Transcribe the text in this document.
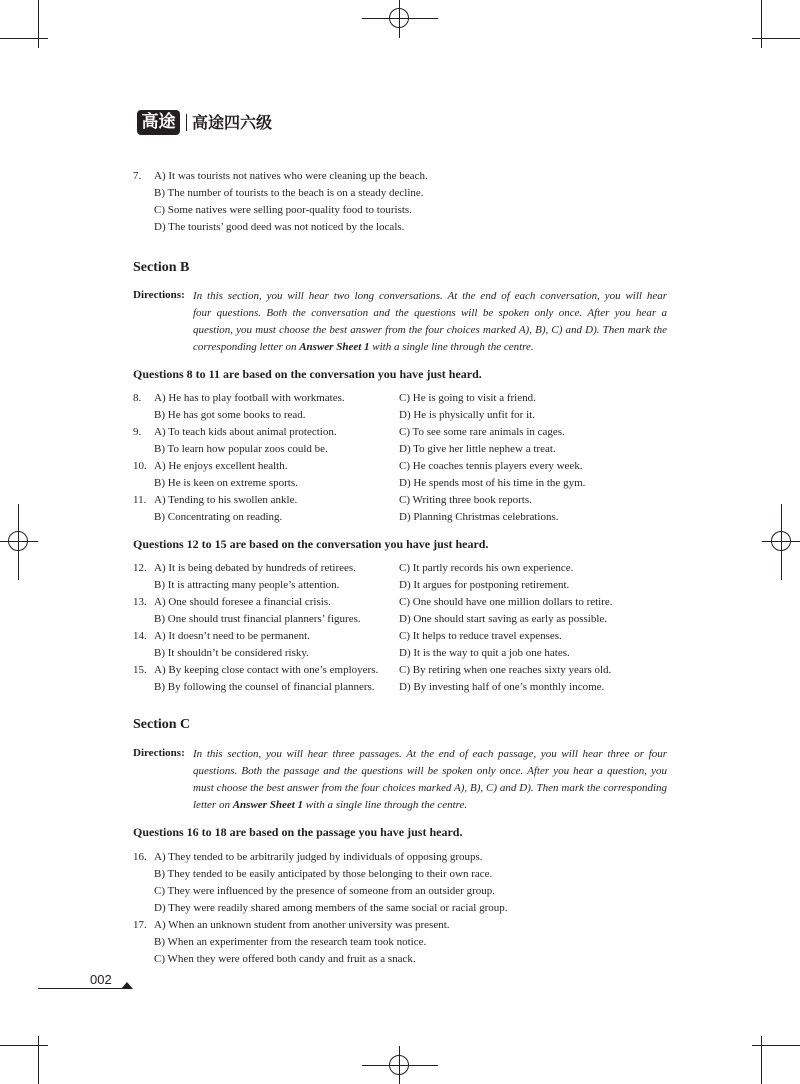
高途 高途四六级
7. A) It was tourists not natives who were cleaning up the beach.
B) The number of tourists to the beach is on a steady decline.
C) Some natives were selling poor-quality food to tourists.
D) The tourists’ good deed was not noticed by the locals.
Section B
Directions: In this section, you will hear two long conversations. At the end of each conversation, you will hear
four questions. Both the conversation and the questions will be spoken only once. After you hear a
question, you must choose the best answer from the four choices marked A), B), C) and D). Then mark the
corresponding letter on Answer Sheet 1 with a single line through the centre.
Questions 8 to 11 are based on the conversation you have just heard.
8. A) He has to play football with workmates.	C) He is going to visit a friend.
B) He has got some books to read.	D) He is physically unfit for it.
9. A) To teach kids about animal protection.	C) To see some rare animals in cages.
B) To learn how popular zoos could be.	D) To give her little nephew a treat.
10. A) He enjoys excellent health.	C) He coaches tennis players every week.
B) He is keen on extreme sports.	D) He spends most of his time in the gym.
11. A) Tending to his swollen ankle.	C) Writing three book reports.
B) Concentrating on reading.	D) Planning Christmas celebrations.
Questions 12 to 15 are based on the conversation you have just heard.
12. A) It is being debated by hundreds of retirees.	C) It partly records his own experience.
B) It is attracting many people’s attention.	D) It argues for postponing retirement.
13. A) One should foresee a financial crisis.	C) One should have one million dollars to retire.
B) One should trust financial planners’ figures.	D) One should start saving as early as possible.
14. A) It doesn’t need to be permanent.	C) It helps to reduce travel expenses.
B) It shouldn’t be considered risky.	D) It is the way to quit a job one hates.
15. A) By keeping close contact with one’s employers. C) By retiring when one reaches sixty years old.
B) By following the counsel of financial planners. D) By investing half of one’s monthly income.
Section C
Directions: In this section, you will hear three passages. At the end of each passage, you will hear three or four
questions. Both the passage and the questions will be spoken only once. After you hear a question, you
must choose the best answer from the four choices marked A), B), C) and D). Then mark the corresponding
letter on Answer Sheet 1 with a single line through the centre.
Questions 16 to 18 are based on the passage you have just heard.
16. A) They tended to be arbitrarily judged by individuals of opposing groups.
B) They tended to be easily anticipated by those belonging to their own race.
C) They were influenced by the presence of someone from an outsider group.
D) They were readily shared among members of the same social or racial group.
17. A) When an unknown student from another university was present.
B) When an experimenter from the research team took notice.
C) When they were offered both candy and fruit as a snack.
002
